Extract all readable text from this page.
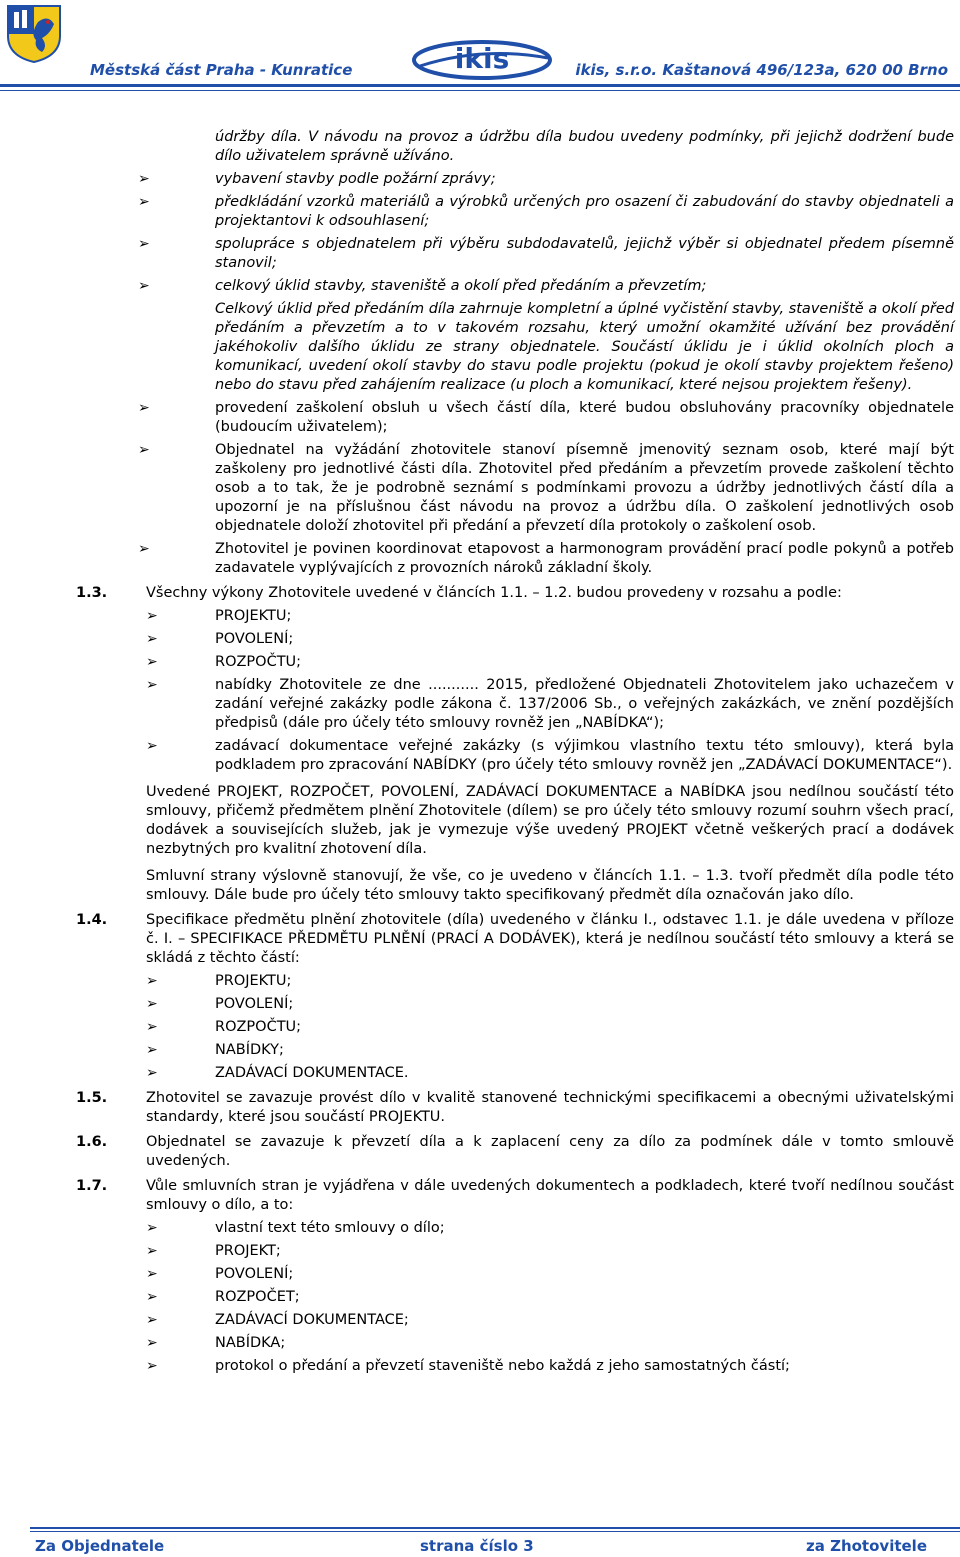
Městská část Praha - Kunratice	ikis	ikis, s.r.o. Kaštanová 496/123a, 620 00 Brno
údržby díla. V návodu na provoz a údržbu díla budou uvedeny podmínky, při jejichž dodržení bude dílo uživatelem správně užíváno.
➢	vybavení stavby podle požární zprávy;
➢	předkládání vzorků materiálů a výrobků určených pro osazení či zabudování do stavby objednateli a projektantovi k odsouhlasení;
➢	spolupráce s objednatelem při výběru subdodavatelů, jejichž výběr si objednatel předem písemně stanovil;
➢	celkový úklid stavby, staveniště a okolí před předáním a převzetím;
Celkový úklid před předáním díla zahrnuje kompletní a úplné vyčistění stavby, staveniště a okolí před předáním a převzetím a to v takovém rozsahu, který umožní okamžité užívání bez provádění jakéhokoliv dalšího úklidu ze strany objednatele. Součástí úklidu je i úklid okolních ploch a komunikací, uvedení okolí stavby do stavu podle projektu (pokud je okolí stavby projektem řešeno) nebo do stavu před zahájením realizace (u ploch a komunikací, které nejsou projektem řešeny).
➢	provedení zaškolení obsluh u všech částí díla, které budou obsluhovány pracovníky objednatele (budoucím uživatelem);
➢	Objednatel na vyžádání zhotovitele stanoví písemně jmenovitý seznam osob, které mají být zaškoleny pro jednotlivé části díla. Zhotovitel před předáním a převzetím provede zaškolení těchto osob a to tak, že je podrobně seznámí s podmínkami provozu a údržby jednotlivých částí díla a upozorní je na příslušnou část návodu na provoz a údržbu díla. O zaškolení jednotlivých osob objednatele doloží zhotovitel při předání a převzetí díla protokoly o zaškolení osob.
➢	Zhotovitel je povinen koordinovat etapovost a harmonogram provádění prací podle pokynů a potřeb zadavatele vyplývajících z provozních nároků základní školy.
1.3.	Všechny výkony Zhotovitele uvedené v článcích 1.1. – 1.2. budou provedeny v rozsahu a podle:
➢	PROJEKTU;
➢	POVOLENÍ;
➢	ROZPOČTU;
➢	nabídky Zhotovitele ze dne ........... 2015, předložené Objednateli Zhotovitelem jako uchazečem v zadání veřejné zakázky podle zákona č. 137/2006 Sb., o veřejných zakázkách, ve znění pozdějších předpisů (dále pro účely této smlouvy rovněž jen „NABÍDKA“);
➢	zadávací dokumentace veřejné zakázky (s výjimkou vlastního textu této smlouvy), která byla podkladem pro zpracování NABÍDKY (pro účely této smlouvy rovněž jen „ZADÁVACÍ DOKUMENTACE“).
Uvedené PROJEKT, ROZPOČET, POVOLENÍ, ZADÁVACÍ DOKUMENTACE a NABÍDKA jsou nedílnou součástí této smlouvy, přičemž předmětem plnění Zhotovitele (dílem) se pro účely této smlouvy rozumí souhrn všech prací, dodávek a souvisejících služeb, jak je vymezuje výše uvedený PROJEKT včetně veškerých prací a dodávek nezbytných pro kvalitní zhotovení díla.
Smluvní strany výslovně stanovují, že vše, co je uvedeno v článcích 1.1. – 1.3. tvoří předmět díla podle této smlouvy. Dále bude pro účely této smlouvy takto specifikovaný předmět díla označován jako dílo.
1.4.	Specifikace předmětu plnění zhotovitele (díla) uvedeného v článku I., odstavec 1.1. je dále uvedena v příloze č. I. – SPECIFIKACE PŘEDMĚTU PLNĚNÍ (PRACÍ A DODÁVEK), která je nedílnou součástí této smlouvy a která se skládá z těchto částí:
➢	PROJEKTU;
➢	POVOLENÍ;
➢	ROZPOČTU;
➢	NABÍDKY;
➢	ZADÁVACÍ DOKUMENTACE.
1.5.	Zhotovitel se zavazuje provést dílo v kvalitě stanovené technickými specifikacemi a obecnými uživatelskými standardy, které jsou součástí PROJEKTU.
1.6.	Objednatel se zavazuje k převzetí díla a k zaplacení ceny za dílo za podmínek dále v tomto smlouvě uvedených.
1.7.	Vůle smluvních stran je vyjádřena v dále uvedených dokumentech a podkladech, které tvoří nedílnou součást smlouvy o dílo, a to:
➢	vlastní text této smlouvy o dílo;
➢	PROJEKT;
➢	POVOLENÍ;
➢	ROZPOČET;
➢	ZADÁVACÍ DOKUMENTACE;
➢	NABÍDKA;
➢	protokol o předání a převzetí staveniště nebo každá z jeho samostatných částí;
Za Objednatele	strana číslo 3	za Zhotovitele
